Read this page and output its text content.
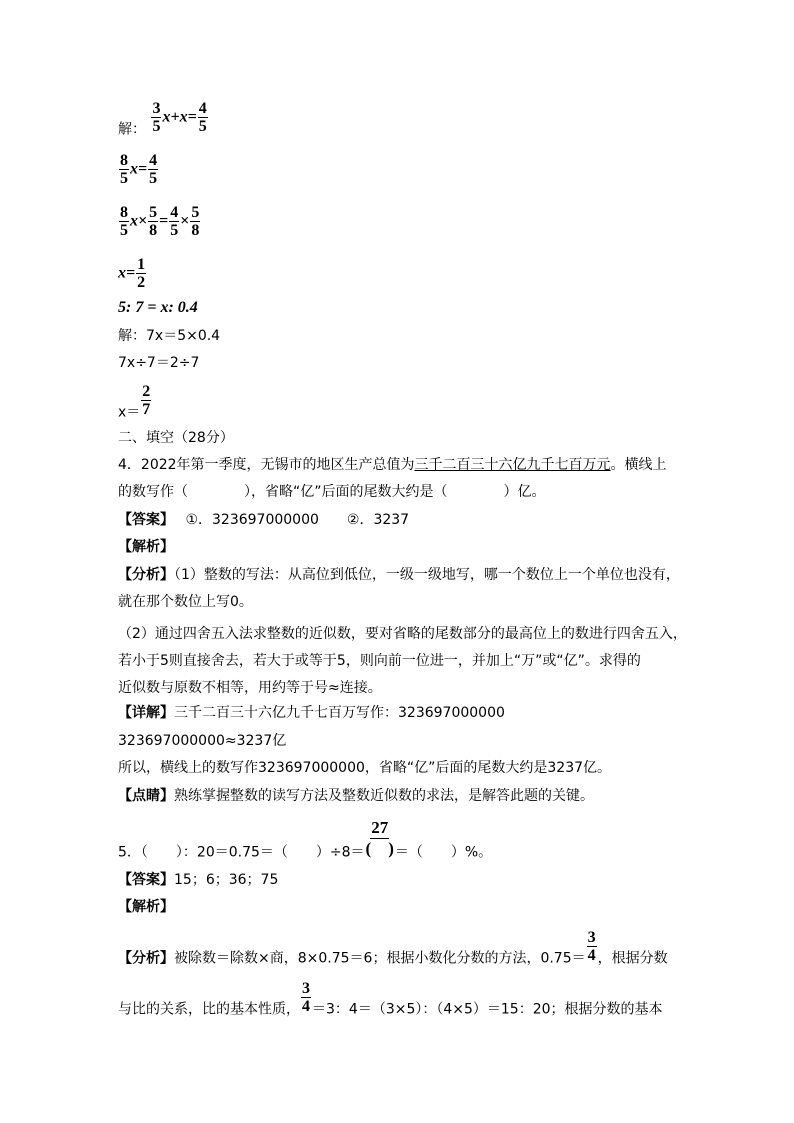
解： $\frac{3}{5} x+x= \frac{4}{5}$
$\frac{8}{5} x= \frac{4}{5}$
$\frac{8}{5} x\times \frac{5}{8} = \frac{4}{5} \times \frac{5}{8}$
$x= \frac{1}{2}$
5: 7 = x: 0.4
解：7x＝5×0.4
7x÷7＝2÷7
$x= \frac{2}{7}$
二、填空（28分）
4．2022年第一季度，无锡市的地区生产总值为三千二百三十六亿九千七百万元。横线上
的数写作（　　　　），省略“亿”后面的尾数大约是（　　　　）亿。
【答案】　 ①．323697000000　　②．3237
【解析】
【分析】（1）整数的写法：从高位到低位，一级一级地写，哪一个数位上一个单位也没有，
就在那个数位上写0。
（2）通过四舍五入法求整数的近似数，要对省略的尾数部分的最高位上的数进行四舍五入，
若小于5则直接舍去，若大于或等于5，则向前一位进一，并加上“万”或“亿”。求得的
近似数与原数不相等，用约等于号≈连接。
【详解】三千二百三十六亿九千七百万写作：323697000000
323697000000≈3237亿
所以，横线上的数写作323697000000，省略“亿”后面的尾数大约是3237亿。
【点睛】熟练掌握整数的读写方法及整数近似数的求法，是解答此题的关键。
5．（　　）：20＝0.75＝（　　）$\div 8= \frac{27}{( )}$ ＝（　　）%。
【答案】15；6；36；75
【解析】
【分析】被除数＝除数×商，8×0.75＝6；根据小数化分数的方法，$0.75= \frac{3}{4}$ ，根据分数
与比的关系，比的基本性质， $\frac{3}{4} =3$：4＝（3×5）：（4×5）＝15：20；根据分数的基本
